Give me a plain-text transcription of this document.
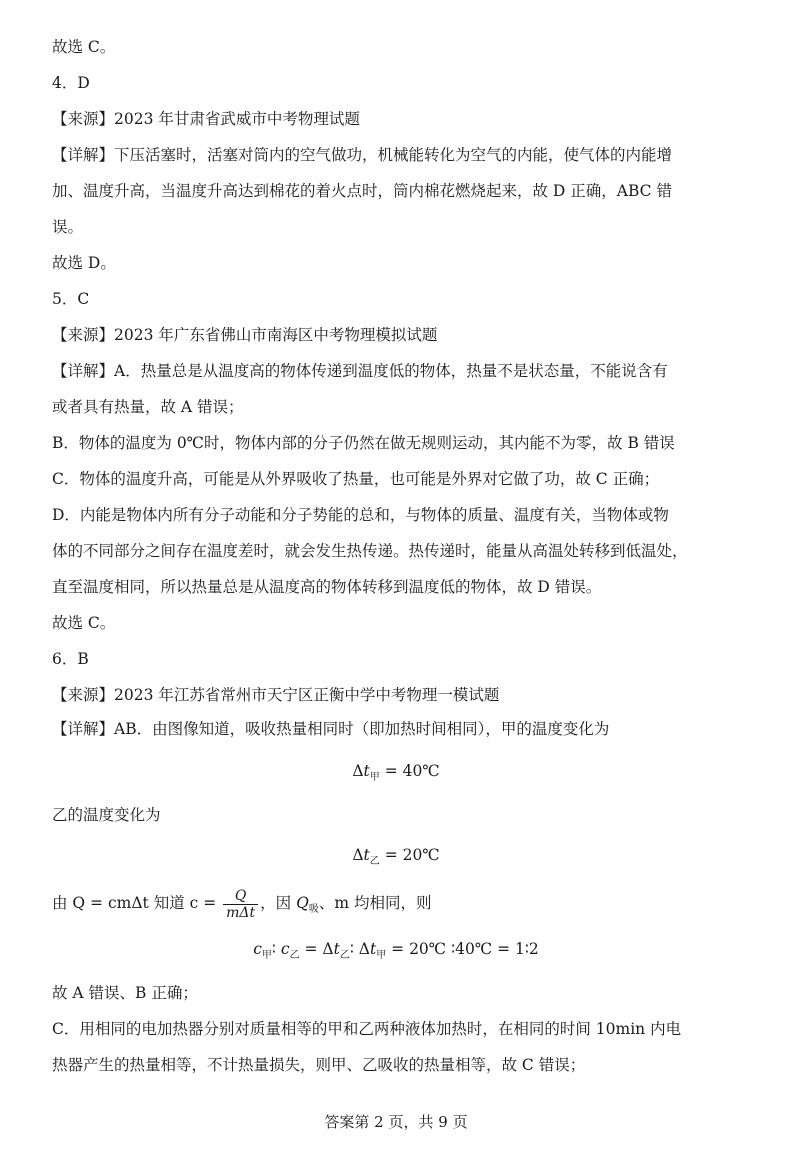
故选 C。
4．D
【来源】2023 年甘肃省武威市中考物理试题
【详解】下压活塞时，活塞对筒内的空气做功，机械能转化为空气的内能，使气体的内能增
加、温度升高，当温度升高达到棉花的着火点时，筒内棉花燃烧起来，故 D 正确，ABC 错
误。
故选 D。
5．C
【来源】2023 年广东省佛山市南海区中考物理模拟试题
【详解】A．热量总是从温度高的物体传递到温度低的物体，热量不是状态量，不能说含有
或者具有热量，故 A 错误；
B．物体的温度为 0℃时，物体内部的分子仍然在做无规则运动，其内能不为零，故 B 错误
C．物体的温度升高，可能是从外界吸收了热量，也可能是外界对它做了功，故 C 正确；
D．内能是物体内所有分子动能和分子势能的总和，与物体的质量、温度有关，当物体或物
体的不同部分之间存在温度差时，就会发生热传递。热传递时，能量从高温处转移到低温处，
直至温度相同，所以热量总是从温度高的物体转移到温度低的物体，故 D 错误。
故选 C。
6．B
【来源】2023 年江苏省常州市天宁区正衡中学中考物理一模试题
【详解】AB．由图像知道，吸收热量相同时（即加热时间相同），甲的温度变化为
$\Delta t_甲$ = 40℃
乙的温度变化为
$\Delta t_乙$ = 20℃
由 Q = cmΔt 知道 $c = \frac{Q}{\text{mΔt}}$ ，因 $Q_吸$、m 均相同，则
$c_甲∶$ $c_乙$ = $\Delta t_乙∶$ $\Delta t_甲$ = 20℃ ∶40℃ = 1∶2
故 A 错误、B 正确；
C．用相同的电加热器分别对质量相等的甲和乙两种液体加热时，在相同的时间 10min 内电
热器产生的热量相等，不计热量损失，则甲、乙吸收的热量相等，故 C 错误；
答案第 2 页，共 9 页
